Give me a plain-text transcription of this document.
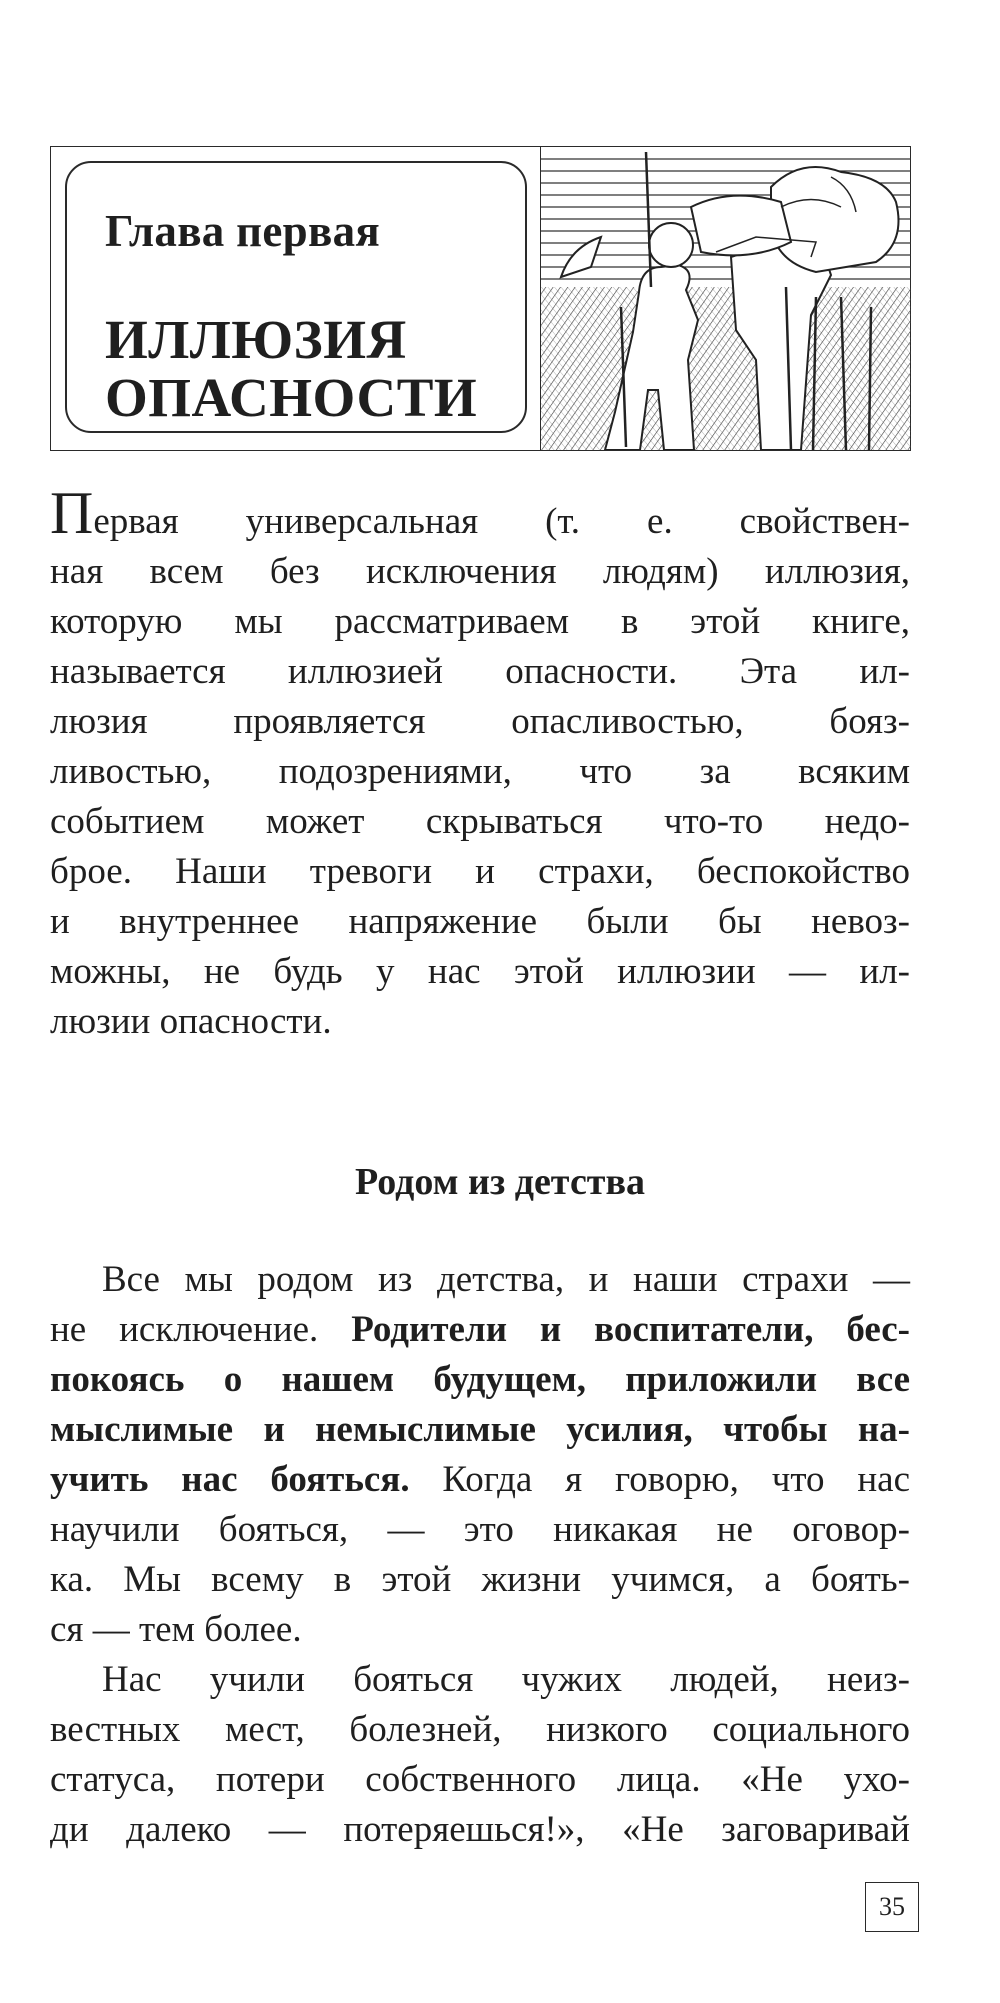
Глава первая
ИЛЛЮЗИЯ
ОПАСНОСТИ
Первая универсальная (т. е. свойствен-
ная всем без исключения людям) иллюзия,
которую мы рассматриваем в этой книге,
называется иллюзией опасности. Эта ил-
люзия проявляется опасливостью, бояз-
ливостью, подозрениями, что за всяким
событием может скрываться что-то недо-
брое. Наши тревоги и страхи, беспокойство
и внутреннее напряжение были бы невоз-
можны, не будь у нас этой иллюзии — ил-
люзии опасности.
Родом из детства
Все мы родом из детства, и наши страхи —
не исключение. Родители и воспитатели, бес-
покоясь о нашем будущем, приложили все
мыслимые и немыслимые усилия, чтобы на-
учить нас бояться. Когда я говорю, что нас
научили бояться, — это никакая не оговор-
ка. Мы всему в этой жизни учимся, а боять-
ся — тем более.
Нас учили бояться чужих людей, неиз-
вестных мест, болезней, низкого социального
статуса, потери собственного лица. «Не ухо-
ди далеко — потеряешься!», «Не заговаривай
35
